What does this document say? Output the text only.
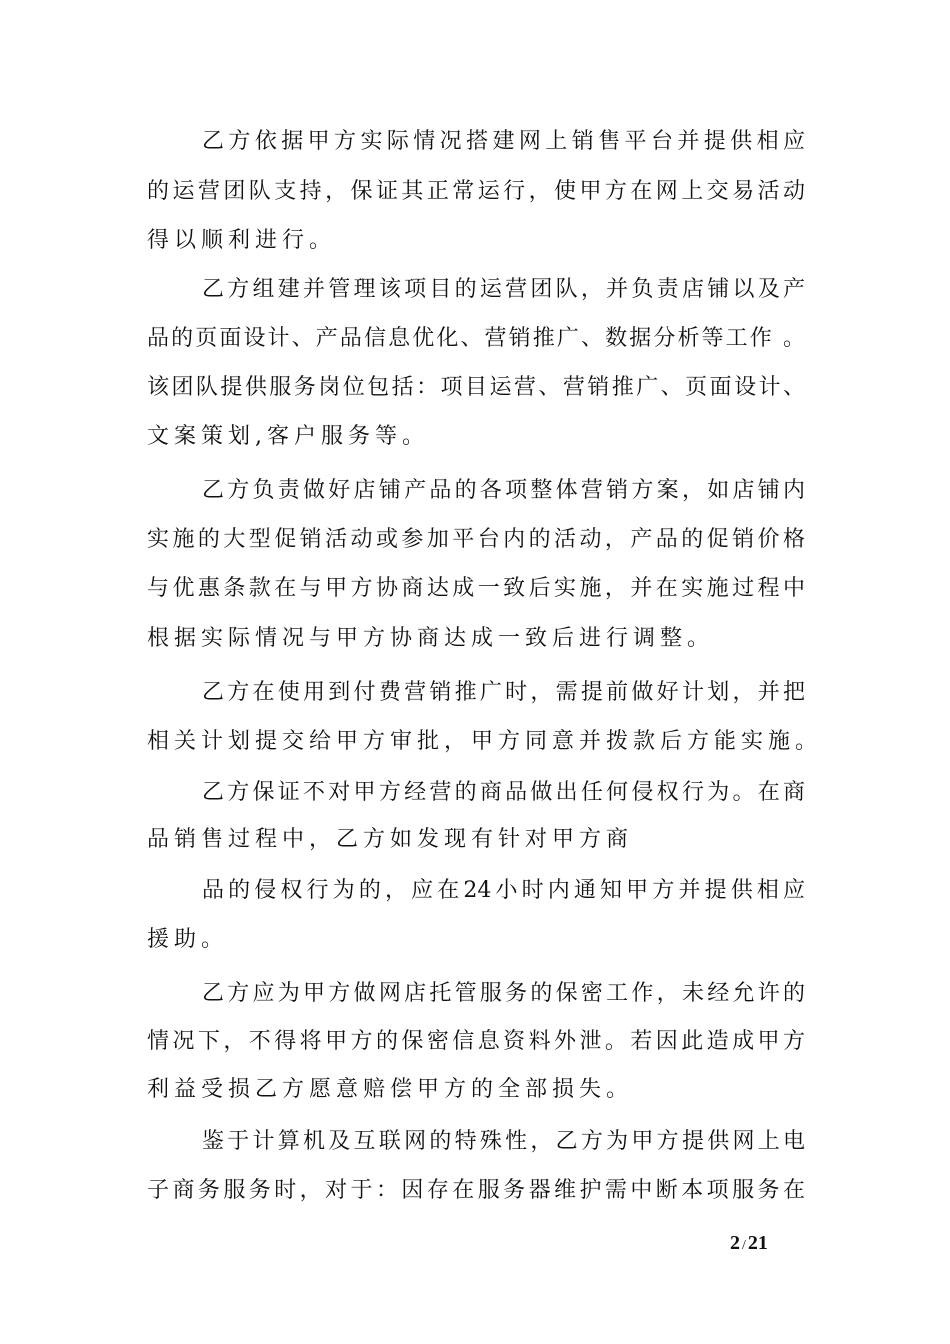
乙方依据甲方实际情况搭建网上销售平台并提供相应
的运营团队支持，保证其正常运行，使甲方在网上交易活动
得以顺利进行。
乙方组建并管理该项目的运营团队，并负责店铺以及产
品的页面设计、产品信息优化、营销推广、数据分析等工作 。
该团队提供服务岗位包括：项目运营、营销推广、页面设计、
文案策划,客户服务等。
乙方负责做好店铺产品的各项整体营销方案，如店铺内
实施的大型促销活动或参加平台内的活动，产品的促销价格
与优惠条款在与甲方协商达成一致后实施，并在实施过程中
根据实际情况与甲方协商达成一致后进行调整。
乙方在使用到付费营销推广时，需提前做好计划，并把
相关计划提交给甲方审批，甲方同意并拨款后方能实施。
乙方保证不对甲方经营的商品做出任何侵权行为。在商
品销售过程中，乙方如发现有针对甲方商
品的侵权行为的，应在24小时内通知甲方并提供相应
援助。
乙方应为甲方做网店托管服务的保密工作，未经允许的
情况下，不得将甲方的保密信息资料外泄。若因此造成甲方
利益受损乙方愿意赔偿甲方的全部损失。
鉴于计算机及互联网的特殊性，乙方为甲方提供网上电
子商务服务时，对于：因存在服务器维护需中断本项服务在
2 / 21
